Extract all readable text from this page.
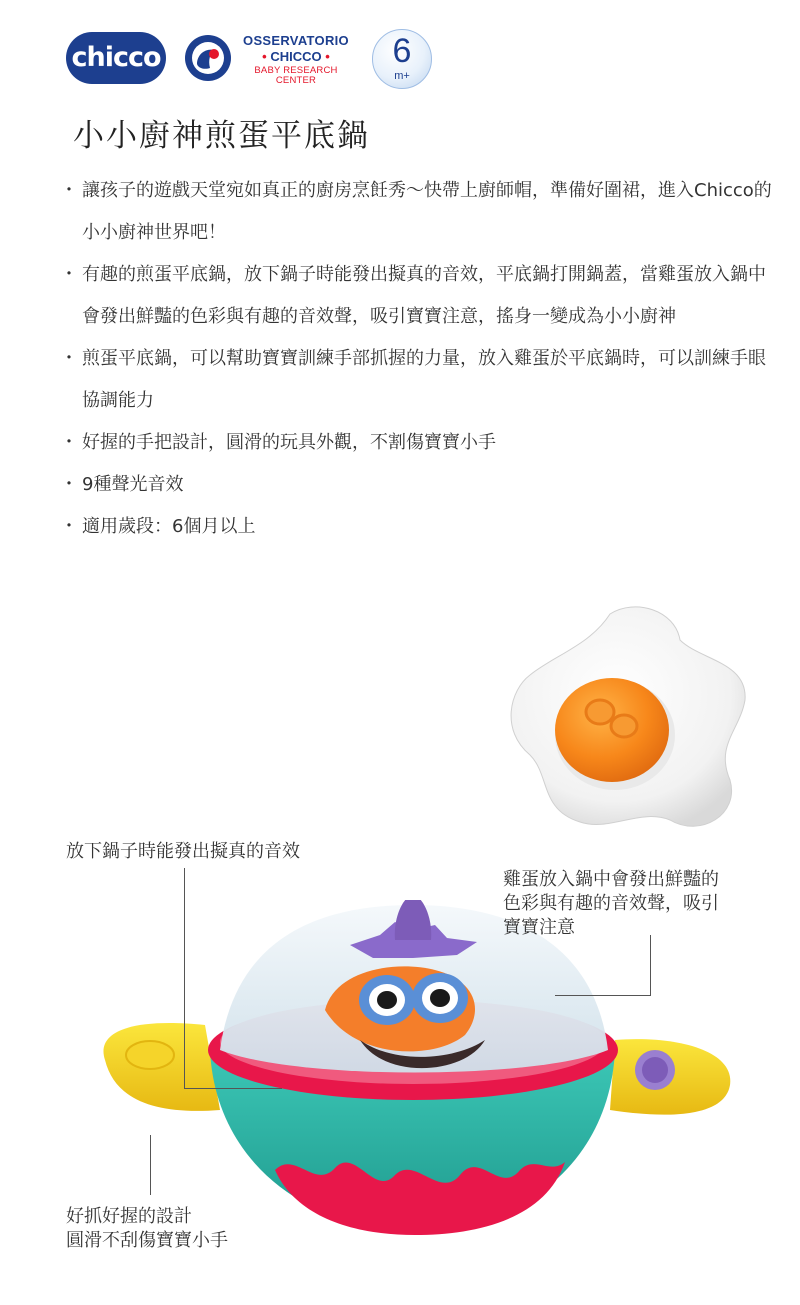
chicco
OSSERVATORIO
• CHICCO •
BABY RESEARCH CENTER
6
m+
小小廚神煎蛋平底鍋
・ 讓孩子的遊戲天堂宛如真正的廚房烹飪秀～快帶上廚師帽，準備好圍裙，進入Chicco的小小廚神世界吧！
・ 有趣的煎蛋平底鍋，放下鍋子時能發出擬真的音效，平底鍋打開鍋蓋，當雞蛋放入鍋中會發出鮮豔的色彩與有趣的音效聲，吸引寶寶注意，搖身一變成為小小廚神
・ 煎蛋平底鍋，可以幫助寶寶訓練手部抓握的力量，放入雞蛋於平底鍋時，可以訓練手眼協調能力
・ 好握的手把設計，圓滑的玩具外觀，不割傷寶寶小手
・ 9種聲光音效
・ 適用歲段：6個月以上
放下鍋子時能發出擬真的音效
雞蛋放入鍋中會發出鮮豔的
色彩與有趣的音效聲，吸引
寶寶注意
好抓好握的設計
圓滑不刮傷寶寶小手
